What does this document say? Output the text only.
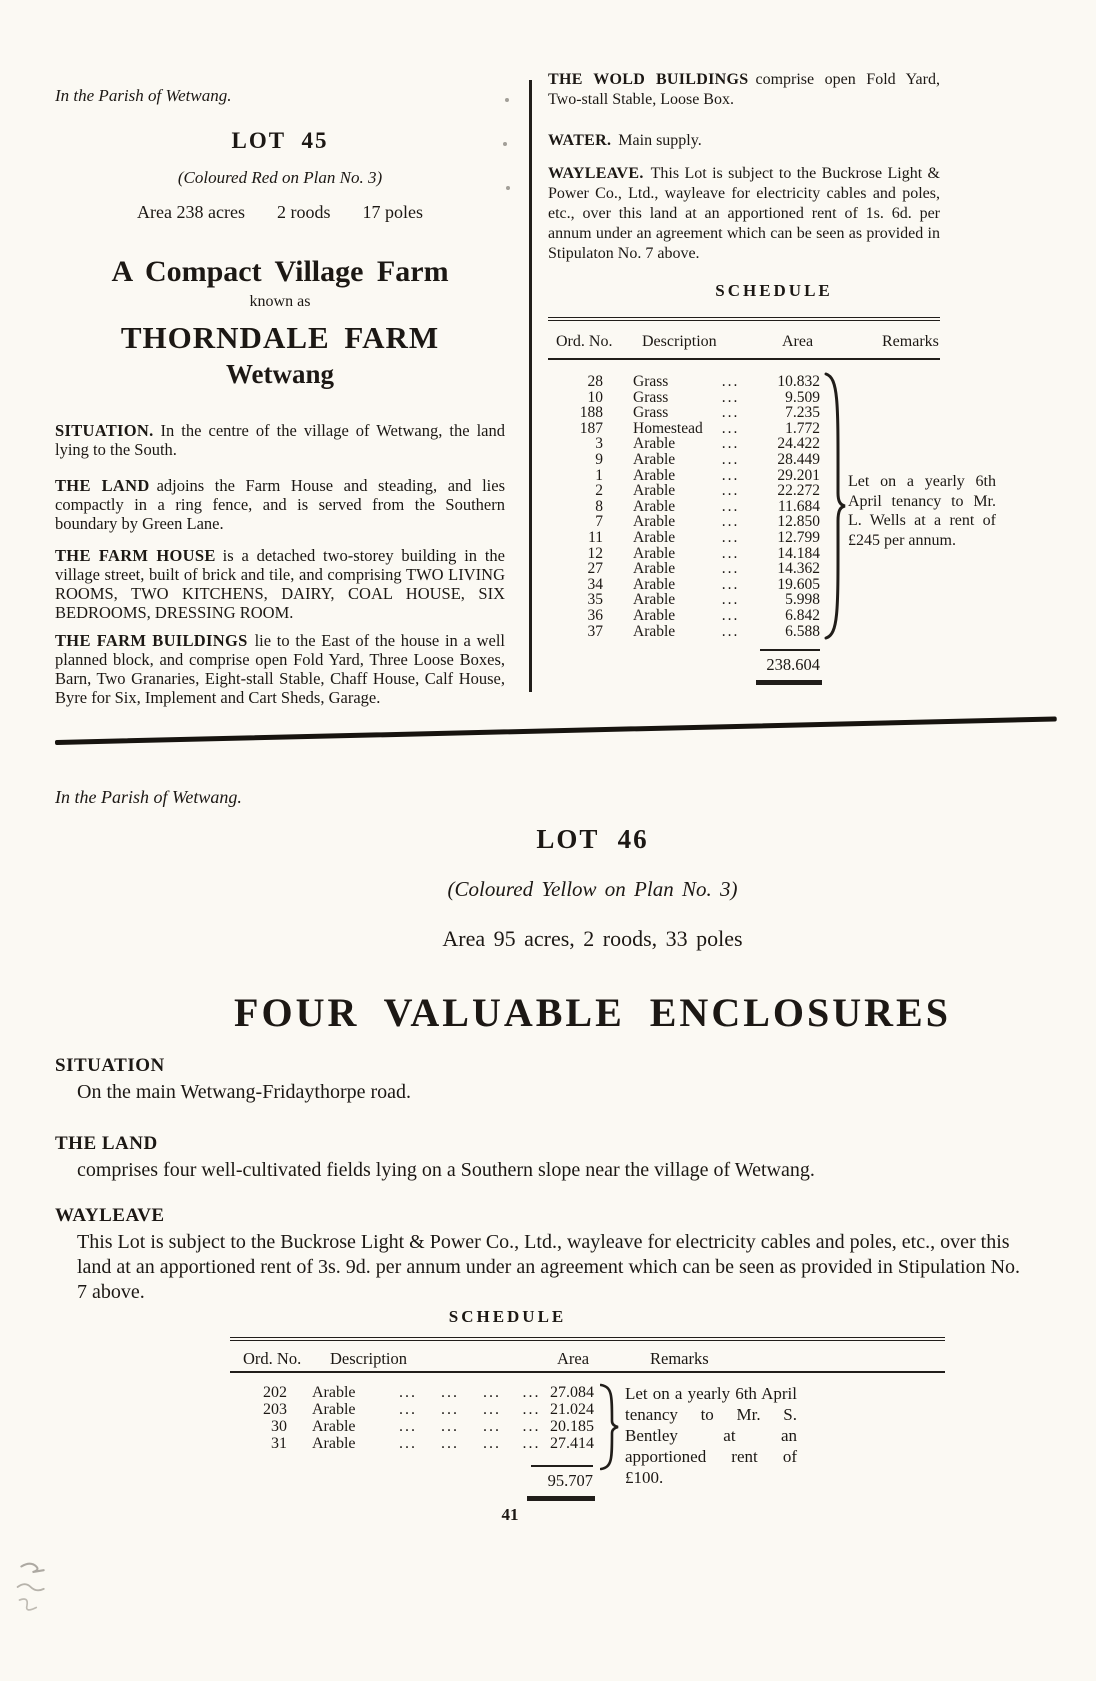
In the Parish of Wetwang.
LOT 45
(Coloured Red on Plan No. 3)
Area 238 acres 2 roods 17 poles
A Compact Village Farm
known as
THORNDALE FARM
Wetwang

SITUATION. In the centre of the village of Wetwang, the land lying to the South.

THE LAND adjoins the Farm House and steading, and lies compactly in a ring fence, and is served from the Southern boundary by Green Lane.

THE FARM HOUSE is a detached two-storey building in the village street, built of brick and tile, and comprising TWO LIVING ROOMS, TWO KITCHENS, DAIRY, COAL HOUSE, SIX BEDROOMS, DRESSING ROOM.

THE FARM BUILDINGS lie to the East of the house in a well planned block, and comprise open Fold Yard, Three Loose Boxes, Barn, Two Granaries, Eight-stall Stable, Chaff House, Calf House, Byre for Six, Implement and Cart Sheds, Garage.

THE WOLD BUILDINGS comprise open Fold Yard, Two-stall Stable, Loose Box.

WATER. Main supply.

WAYLEAVE. This Lot is subject to the Buckrose Light & Power Co., Ltd., wayleave for electricity cables and poles, etc., over this land at an apportioned rent of 1s. 6d. per annum under an agreement which can be seen as provided in Stipulaton No. 7 above.

SCHEDULE
Ord. No. Description	Area	Remarks
28	Grass	...	10.832
10	Grass	...	9.509
188	Grass	...	7.235
187	Homestead	...	1.772
3	Arable	...	24.422
9	Arable	...	28.449
1	Arable	...	29.201
2	Arable	...	22.272
8	Arable	...	11.684
7	Arable	...	12.850
11	Arable	...	12.799
12	Arable	...	14.184
27	Arable	...	14.362
34	Arable	...	19.605
35	Arable	...	5.998
36	Arable	...	6.842
37	Arable	...	6.588
Let on a yearly 6th April tenancy to Mr. L. Wells at a rent of £245 per annum.
238.604
In the Parish of Wetwang.
LOT 46
(Coloured Yellow on Plan No. 3)
Area 95 acres, 2 roods, 33 poles
FOUR VALUABLE ENCLOSURES
SITUATION
On the main Wetwang-Fridaythorpe road.
THE LAND
comprises four well-cultivated fields lying on a Southern slope near the village of Wetwang.
WAYLEAVE
This Lot is subject to the Buckrose Light & Power Co., Ltd., wayleave for electricity cables and poles, etc., over this land at an apportioned rent of 3s. 9d. per annum under an agreement which can be seen as provided in Stipulation No. 7 above.
SCHEDULE
Ord. No. Description	Area	Remarks
202	Arable	...	...	...	... 27.084
203	Arable	...	...	...	... 21.024
30	Arable	...	...	...	... 20.185
31	Arable	...	...	...	... 27.414
Let on a yearly 6th April tenancy to Mr. S. Bentley at an apportioned rent of £100.
95.707
41
